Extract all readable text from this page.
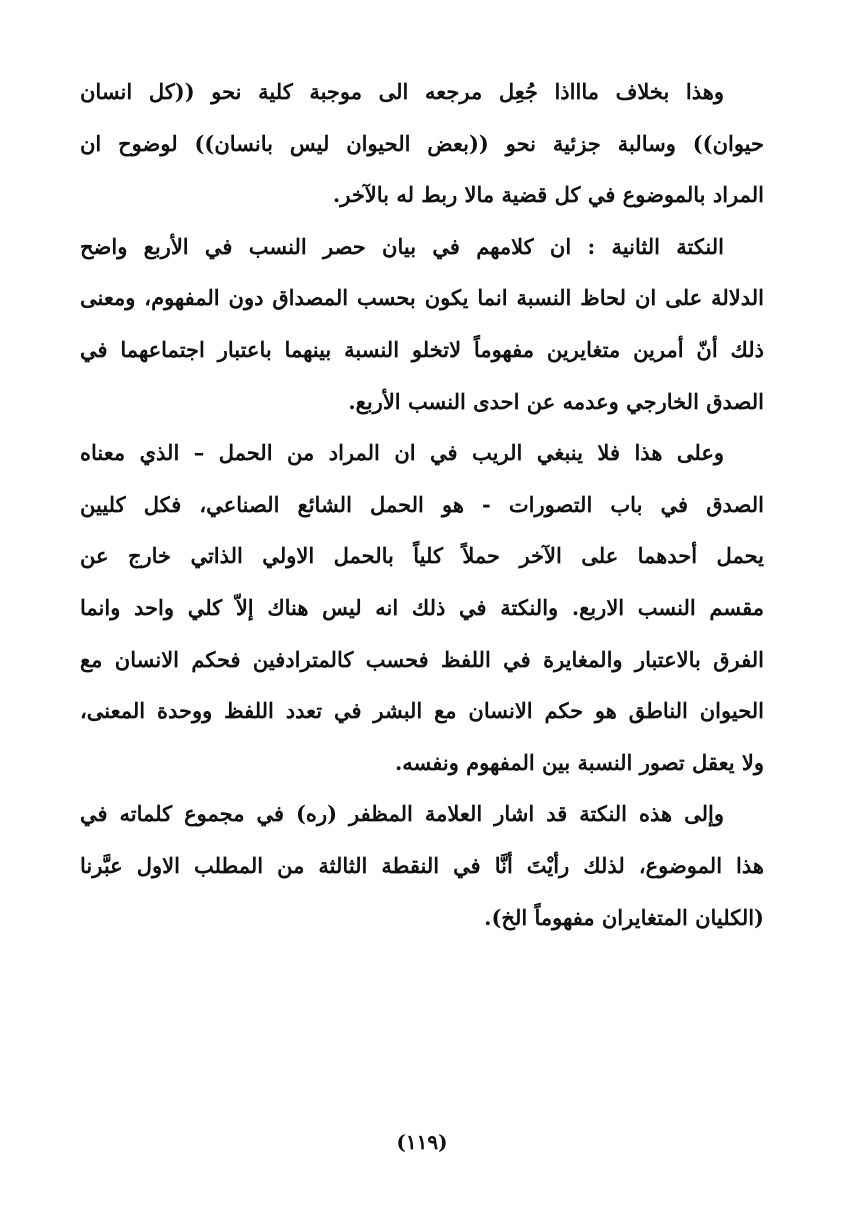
وهذا بخلاف ماااذا جُعِل مرجعه الى موجبة كلية نحو ((كل انسان
حيوان)) وسالبة جزئية نحو ((بعض الحيوان ليس بانسان)) لوضوح ان
المراد بالموضوع في كل قضية مالا ربط له بالآخر.
النكتة الثانية : ان كلامهم في بيان حصر النسب في الأربع واضح
الدلالة على ان لحاظ النسبة انما يكون بحسب المصداق دون المفهوم، ومعنى
ذلك أنّ أمرين متغايرين مفهوماً لاتخلو النسبة بينهما باعتبار اجتماعهما في
الصدق الخارجي وعدمه عن احدى النسب الأربع.
وعلى هذا فلا ينبغي الريب في ان المراد من الحمل – الذي معناه
الصدق في باب التصورات - هو الحمل الشائع الصناعي، فكل كليين
يحمل أحدهما على الآخر حملاً كلياً بالحمل الاولي الذاتي خارج عن
مقسم النسب الاربع. والنكتة في ذلك انه ليس هناك إلاّ كلي واحد وانما
الفرق بالاعتبار والمغايرة في اللفظ فحسب كالمترادفين فحكم الانسان مع
الحيوان الناطق هو حكم الانسان مع البشر في تعدد اللفظ ووحدة المعنى،
ولا يعقل تصور النسبة بين المفهوم ونفسه.
وإلى هذه النكتة قد اشار العلامة المظفر (ره) في مجموع كلماته في
هذا الموضوع، لذلك رأيْتَ أنَّا في النقطة الثالثة من المطلب الاول عبَّرنا
(الكليان المتغايران مفهوماً الخ).
(١١٩)
